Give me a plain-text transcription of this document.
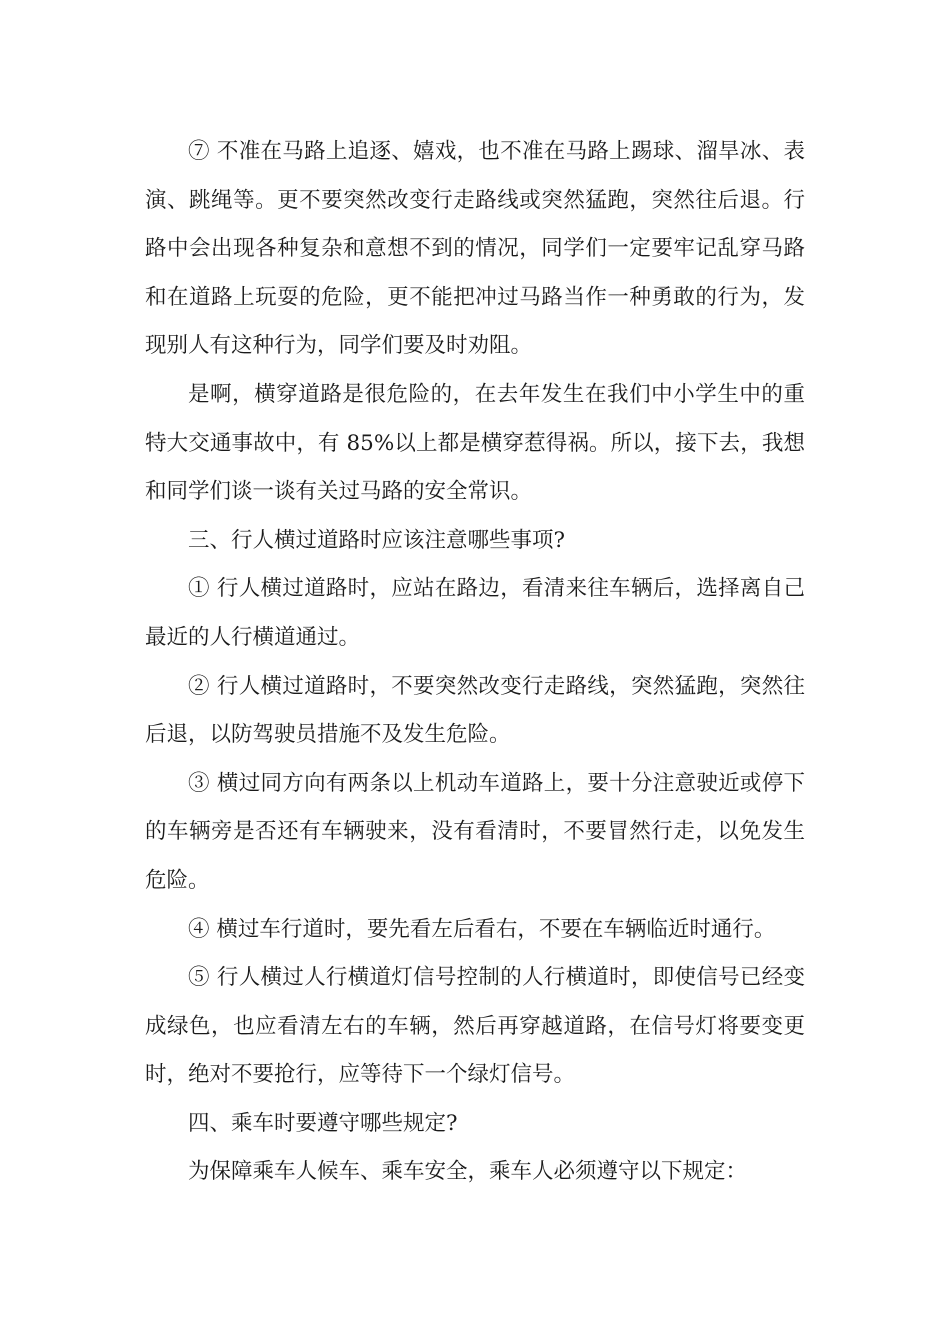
⑦ 不准在马路上追逐、嬉戏，也不准在马路上踢球、溜旱冰、表演、跳绳等。更不要突然改变行走路线或突然猛跑，突然往后退。行路中会出现各种复杂和意想不到的情况，同学们一定要牢记乱穿马路和在道路上玩耍的危险，更不能把冲过马路当作一种勇敢的行为，发现别人有这种行为，同学们要及时劝阻。

是啊，横穿道路是很危险的，在去年发生在我们中小学生中的重特大交通事故中，有 85%以上都是横穿惹得祸。所以，接下去，我想和同学们谈一谈有关过马路的安全常识。

三、行人横过道路时应该注意哪些事项?

① 行人横过道路时，应站在路边，看清来往车辆后，选择离自己最近的人行横道通过。

② 行人横过道路时，不要突然改变行走路线，突然猛跑，突然往后退，以防驾驶员措施不及发生危险。

③ 横过同方向有两条以上机动车道路上，要十分注意驶近或停下的车辆旁是否还有车辆驶来，没有看清时，不要冒然行走，以免发生危险。

④ 横过车行道时，要先看左后看右，不要在车辆临近时通行。

⑤ 行人横过人行横道灯信号控制的人行横道时，即使信号已经变成绿色，也应看清左右的车辆，然后再穿越道路，在信号灯将要变更时，绝对不要抢行，应等待下一个绿灯信号。

四、乘车时要遵守哪些规定?

为保障乘车人候车、乘车安全，乘车人必须遵守以下规定：
